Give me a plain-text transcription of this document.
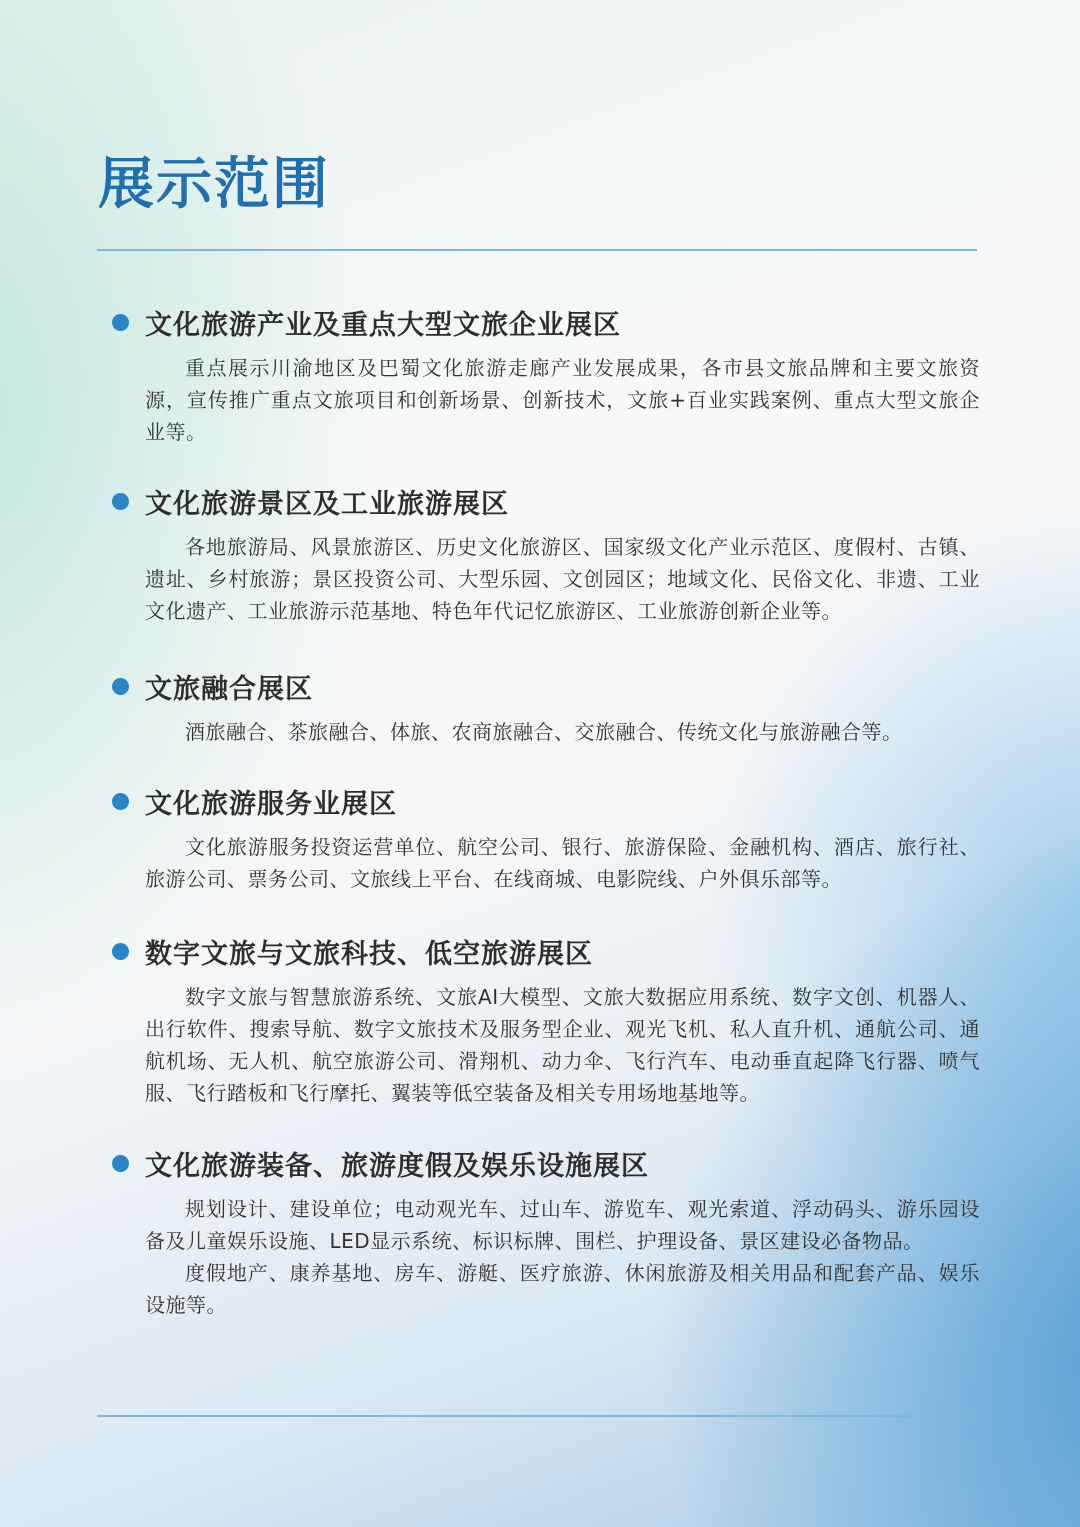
展示范围
文化旅游产业及重点大型文旅企业展区

重点展示川渝地区及巴蜀文化旅游走廊产业发展成果，各市县文旅品牌和主要文旅资源，宣传推广重点文旅项目和创新场景、创新技术，文旅+百业实践案例、重点大型文旅企业等。

文化旅游景区及工业旅游展区

各地旅游局、风景旅游区、历史文化旅游区、国家级文化产业示范区、度假村、古镇、遗址、乡村旅游；景区投资公司、大型乐园、文创园区；地域文化、民俗文化、非遗、工业文化遗产、工业旅游示范基地、特色年代记忆旅游区、工业旅游创新企业等。

文旅融合展区

酒旅融合、茶旅融合、体旅、农商旅融合、交旅融合、传统文化与旅游融合等。

文化旅游服务业展区

文化旅游服务投资运营单位、航空公司、银行、旅游保险、金融机构、酒店、旅行社、旅游公司、票务公司、文旅线上平台、在线商城、电影院线、户外俱乐部等。

数字文旅与文旅科技、低空旅游展区

数字文旅与智慧旅游系统、文旅AI大模型、文旅大数据应用系统、数字文创、机器人、出行软件、搜索导航、数字文旅技术及服务型企业、观光飞机、私人直升机、通航公司、通航机场、无人机、航空旅游公司、滑翔机、动力伞、飞行汽车、电动垂直起降飞行器、喷气服、飞行踏板和飞行摩托、翼装等低空装备及相关专用场地基地等。

文化旅游装备、旅游度假及娱乐设施展区

规划设计、建设单位；电动观光车、过山车、游览车、观光索道、浮动码头、游乐园设备及儿童娱乐设施、LED显示系统、标识标牌、围栏、护理设备、景区建设必备物品。

度假地产、康养基地、房车、游艇、医疗旅游、休闲旅游及相关用品和配套产品、娱乐设施等。
